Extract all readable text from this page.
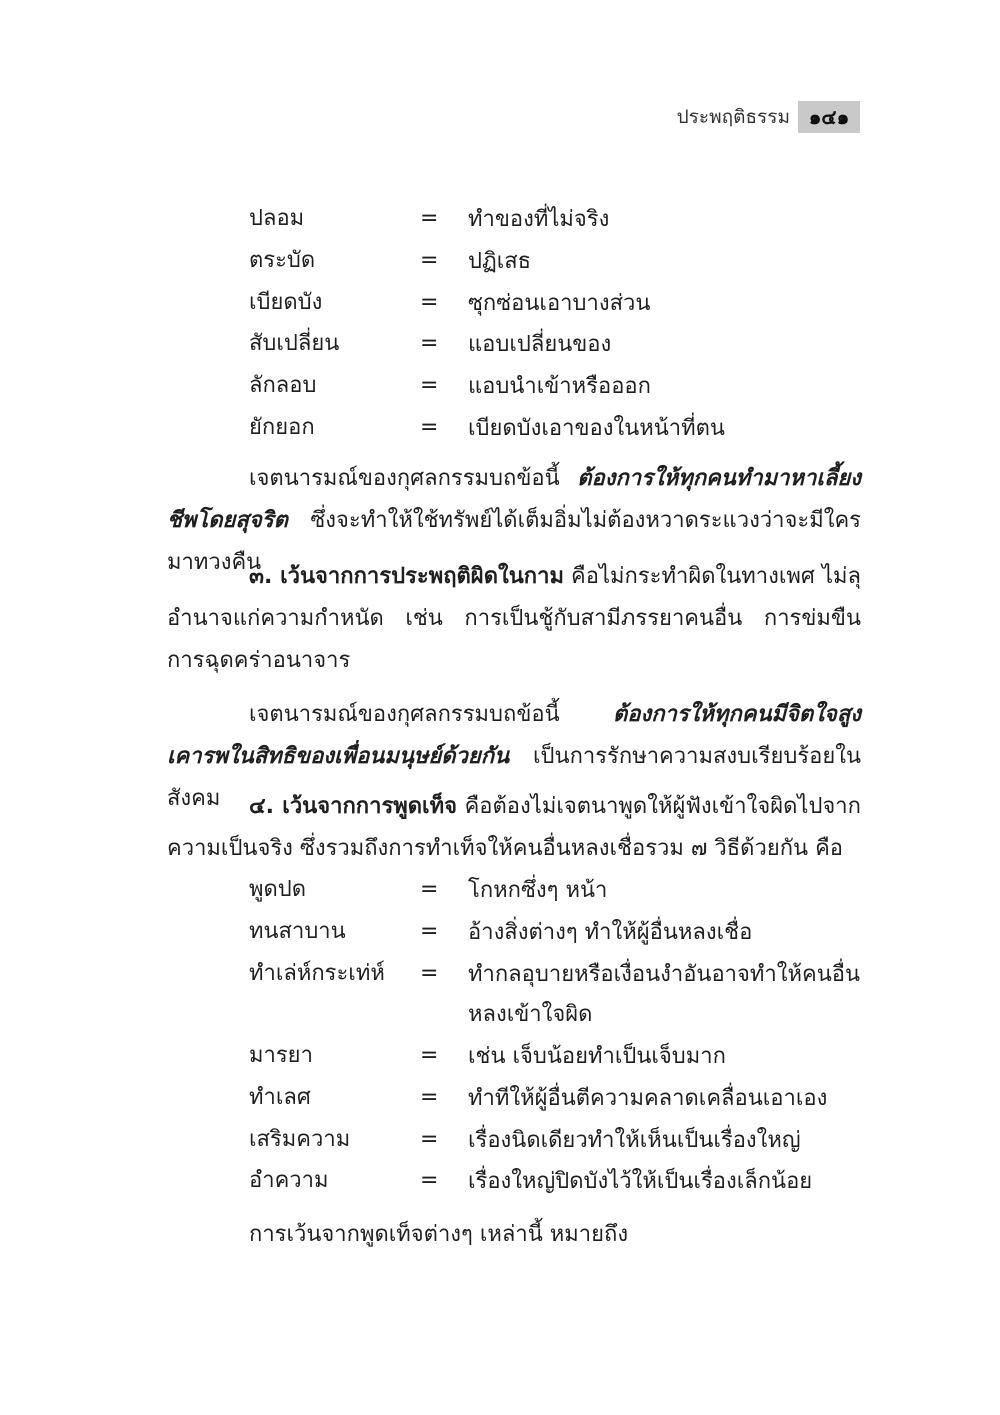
ประพฤติธรรม ๑๔๑
ปลอม	= ทำของที่ไม่จริง
ตระบัด	= ปฏิเสธ
เบียดบัง	= ซุกซ่อนเอาบางส่วน
สับเปลี่ยน	= แอบเปลี่ยนของ
ลักลอบ	= แอบนำเข้าหรือออก
ยักยอก	= เบียดบังเอาของในหน้าที่ตน

เจตนารมณ์ของกุศลกรรมบถข้อนี้ ต้องการให้ทุกคนทำมาหาเลี้ยงชีพโดยสุจริต ซึ่งจะทำให้ใช้ทรัพย์ได้เต็มอิ่มไม่ต้องหวาดระแวงว่าจะมีใครมาทวงคืน

๓. เว้นจากการประพฤติผิดในกาม คือไม่กระทำผิดในทางเพศ ไม่ลุอำนาจแก่ความกำหนัด เช่น การเป็นชู้กับสามีภรรยาคนอื่น การข่มขืน การฉุดคร่าอนาจาร

เจตนารมณ์ของกุศลกรรมบถข้อนี้ ต้องการให้ทุกคนมีจิตใจสูง เคารพในสิทธิของเพื่อนมนุษย์ด้วยกัน เป็นการรักษาความสงบเรียบร้อยในสังคม	๔. เว้นจากการพูดเท็จ คือต้องไม่เจตนาพูดให้ผู้ฟังเข้าใจผิดไปจากความเป็นจริง ซึ่งรวมถึงการทำเท็จให้คนอื่นหลงเชื่อรวม ๗ วิธีด้วยกัน คือ

พูดปด	= โกหกซึ่งๆ หน้า
ทนสาบาน	= อ้างสิ่งต่างๆ ทำให้ผู้อื่นหลงเชื่อ
ทำเล่ห์กระเท่ห์ = ทำกลอุบายหรือเงื่อนงำอันอาจทำให้คนอื่นหลงเข้าใจผิด
มารยา	= เช่น เจ็บน้อยทำเป็นเจ็บมาก
ทำเลศ	= ทำทีให้ผู้อื่นตีความคลาดเคลื่อนเอาเอง
เสริมความ	= เรื่องนิดเดียวทำให้เห็นเป็นเรื่องใหญ่
อำความ	= เรื่องใหญ่ปิดบังไว้ให้เป็นเรื่องเล็กน้อย

การเว้นจากพูดเท็จต่างๆ เหล่านี้ หมายถึง
